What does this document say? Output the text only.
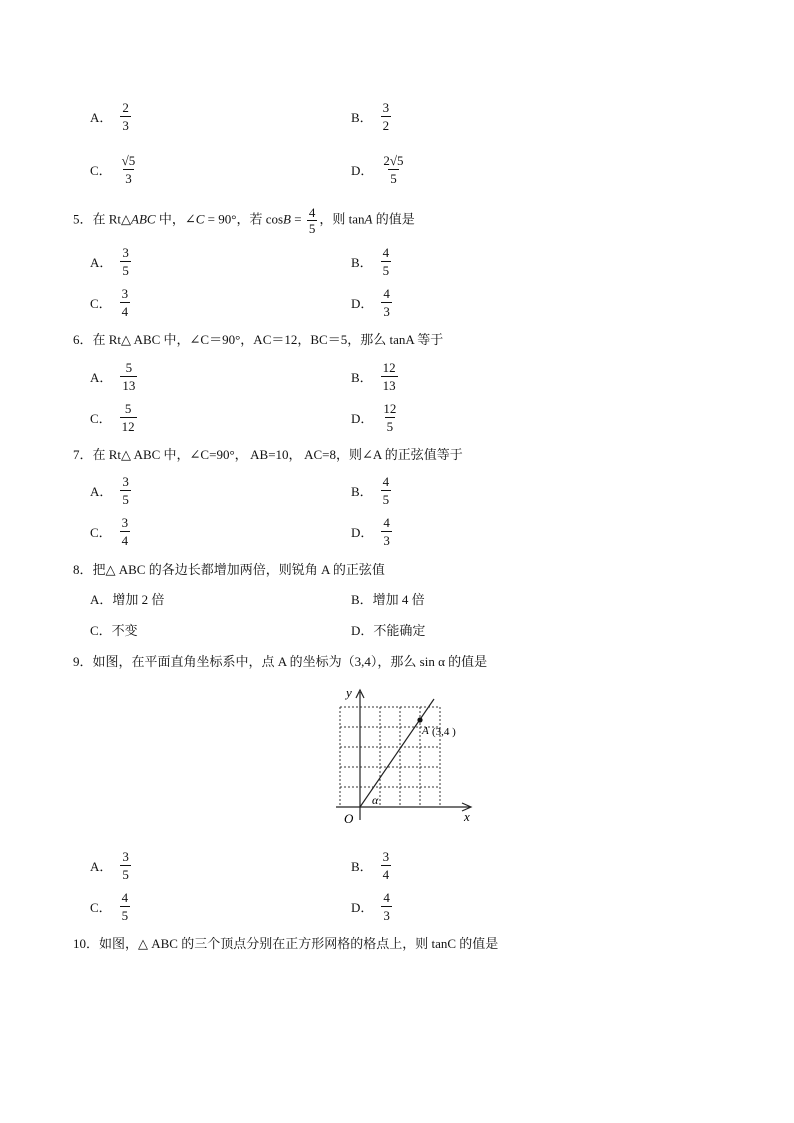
A． $\frac{2}{3}$	B． $\frac{3}{2}$
C． $\frac{√5}{3}$	D． $\frac{2√5}{5}$
5．在 Rt△ABC 中，∠C = 90°，若 $\cos B = \frac{4}{5}$ ，则 tanA 的值是
A． $\frac{3}{5}$	B． $\frac{4}{5}$
C． $\frac{3}{4}$	D． $\frac{4}{3}$
6．在 Rt△ ABC 中，∠C＝90°，AC＝12，BC＝5，那么 tanA 等于
A． $\frac{5}{13}$	B． $\frac{12}{13}$
C． $\frac{5}{12}$	D． $\frac{12}{5}$
7．在 Rt△ ABC 中，∠C=90°， AB=10， AC=8，则∠A 的正弦值等于
A． $\frac{3}{5}$	B． $\frac{4}{5}$
C． $\frac{3}{4}$	D． $\frac{4}{3}$
8．把△ ABC 的各边长都增加两倍，则锐角 A 的正弦值
A．增加 2 倍	B．增加 4 倍
C．不变	D．不能确定
9．如图，在平面直角坐标系中，点 A 的坐标为（3,4），那么 sin α 的值是
y
x
O
α
A (3,4 )
A． $\frac{3}{5}$	B． $\frac{3}{4}$
C． $\frac{4}{5}$	D． $\frac{4}{3}$
10．如图，△ ABC 的三个顶点分别在正方形网格的格点上，则 tanC 的值是
